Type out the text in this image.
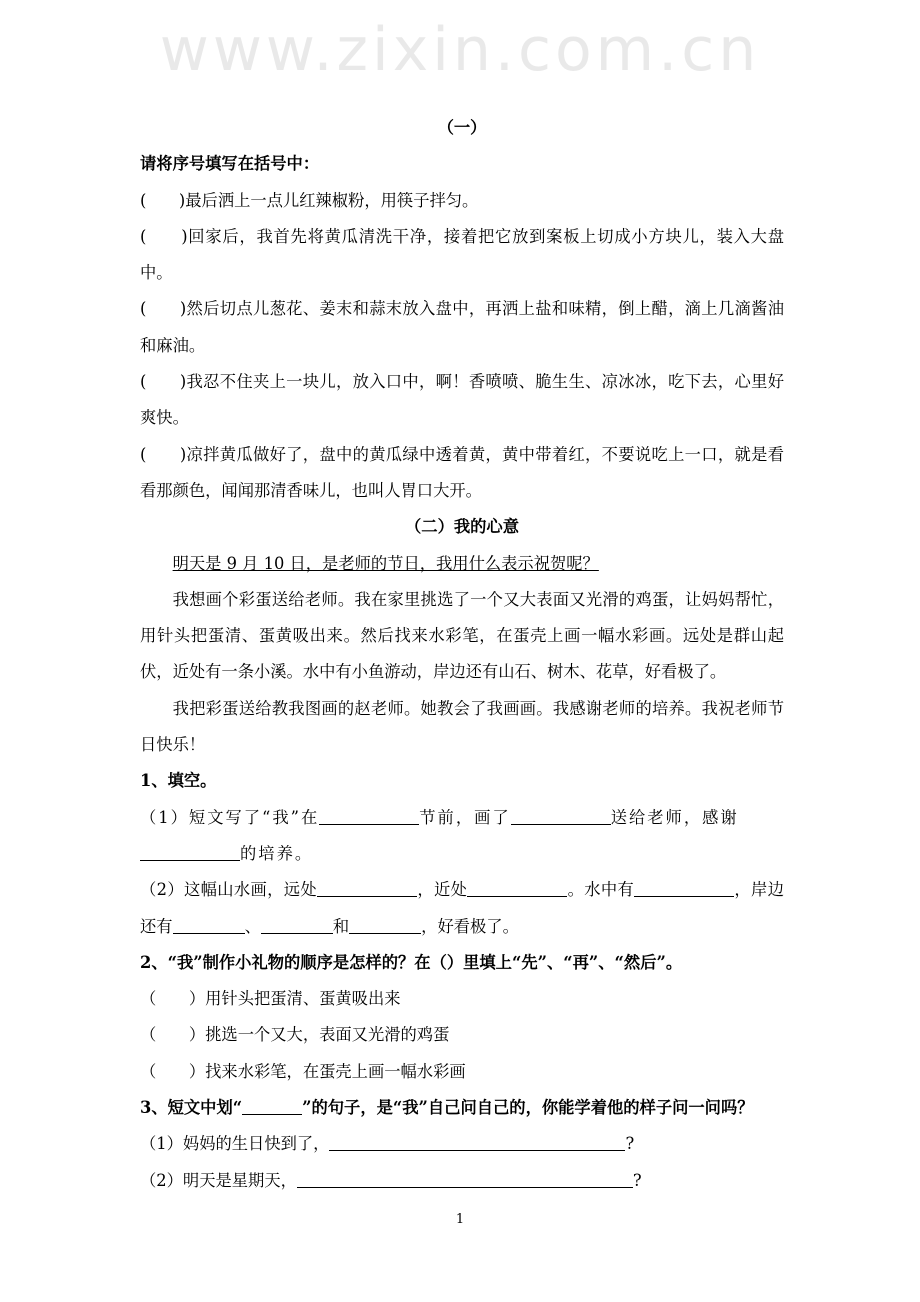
www.zixin.com.cn

（一）

请将序号填写在括号中：

(　　)最后洒上一点儿红辣椒粉，用筷子拌匀。

(　　)回家后，我首先将黄瓜清洗干净，接着把它放到案板上切成小方块儿，装入大盘中。

(　　)然后切点儿葱花、姜末和蒜末放入盘中，再洒上盐和味精，倒上醋，滴上几滴酱油和麻油。

(　　)我忍不住夹上一块儿，放入口中，啊！香喷喷、脆生生、凉冰冰，吃下去，心里好爽快。

(　　)凉拌黄瓜做好了，盘中的黄瓜绿中透着黄，黄中带着红，不要说吃上一口，就是看看那颜色，闻闻那清香味儿，也叫人胃口大开。

（二）我的心意

明天是 9 月 10 日，是老师的节日，我用什么表示祝贺呢？

我想画个彩蛋送给老师。我在家里挑选了一个又大表面又光滑的鸡蛋，让妈妈帮忙，用针头把蛋清、蛋黄吸出来。然后找来水彩笔，在蛋壳上画一幅水彩画。远处是群山起伏，近处有一条小溪。水中有小鱼游动，岸边还有山石、树木、花草，好看极了。

我把彩蛋送给教我图画的赵老师。她教会了我画画。我感谢老师的培养。我祝老师节日快乐！

1、填空。

（1）短文写了“我”在	节前，画了	送给老师，感谢
的培养。

（2）这幅山水画，远处	，近处	。水中有	，岸边还有	、	和	，好看极了。

2、“我”制作小礼物的顺序是怎样的？在（）里填上“先”、“再”、“然后”。

（　　）用针头把蛋清、蛋黄吸出来

（　　）挑选一个又大，表面又光滑的鸡蛋

（　　）找来水彩笔，在蛋壳上画一幅水彩画

3、短文中划“	”的句子，是“我”自己问自己的，你能学着他的样子问一问吗？

（1）妈妈的生日快到了，	?

（2）明天是星期天，	?

1
